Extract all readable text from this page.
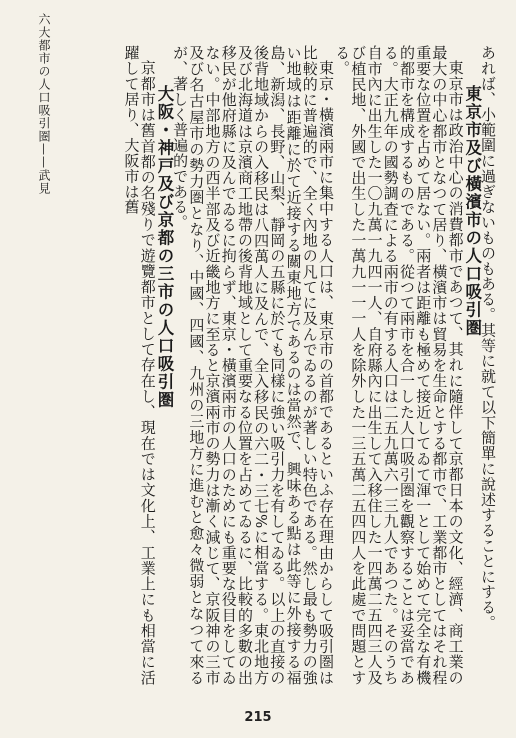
六大都市の人口吸引圏——武見	あれば、小範圍に過ぎないものもある。其等に就て以下簡單に說述することにする。

東京市及び橫濱市の人口吸引圏

東京市は政治中心の消費都市であつて、其れに隨伴して京都日本の文化、經濟、商工業の最大の中心都市となつて居り、橫濱市は貿易を生命とする都市で、工業都市としてはそれ程重要な位置を占めて居ない。兩者は距離も極めて接近してゐて渾一として始めて完全な有機的都市を構成するものである。從つて兩市を合一した人口吸引圏を觀察することは妥當である。大正九年の國勢調査による兩市の有する人口は二五九萬六一三九人であつた。そのうち自市內に出生した一〇九萬一九四一人、自府縣內に出生して入移住した一四萬二五四三人及び植民地、外國で出生した一萬九一一一人を除外した一三五萬二五四四人を此處で問題とする。

東京・橫濱兩市に集中する人口は、東京市の首都であるといふ存在理由からして吸引圏は比較的に普遍的で、全く內地の凡てに及んでゐるのが著しい特色である。然し最も勢力の強い地域は距離に於て近接する關東地方であるのは當然で、興味ある點は此等に外接する福島、新潟、長野、山梨、靜岡の五縣に於ても同樣に強い吸引力を有してゐる。以上の直接の後背地域からの入移民は八四萬人に及んで、全入移民の六二・三七%に相當する。東北地方及び北海道は京濱商工地帶の後背地域として重要なる位置を占めてゐるに、比較的多數の出移民が他府縣に及んでゐるに拘らず、東京・橫濱兩市の人口のためにも重要な役目をしてゐない。中部地方の西半部及び近畿地方に至ると京濱兩市の勢力は漸く減じて、京阪神の三市及び名古屋市の勢力圏となり、中國、四國、九州の三地方に進むと愈々微弱となつて來るが、著しく普遍的である。

大阪・神戸及び京都の三市の人口吸引圏

京都市は舊首都の名殘りで遊覽都市として存在し、現在では文化上、工業上にも相當に活躍して居り、大阪市は舊

215
